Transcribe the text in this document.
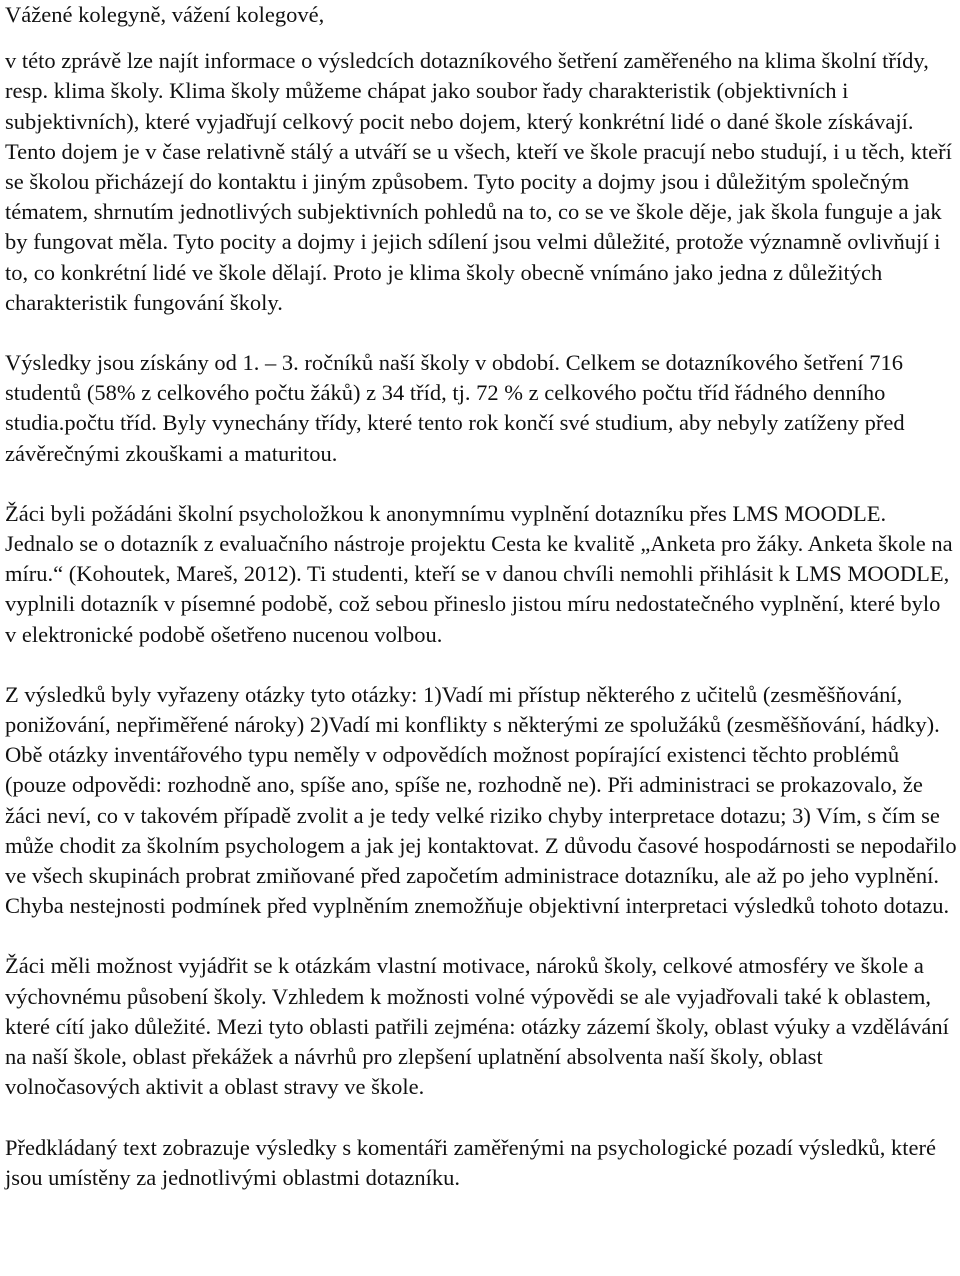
Vážené kolegyně, vážení kolegové,

v této zprávě lze najít informace o výsledcích dotazníkového šetření zaměřeného na klima školní třídy, resp. klima školy. Klima školy můžeme chápat jako soubor řady charakteristik (objektivních i subjektivních), které vyjadřují celkový pocit nebo dojem, který konkrétní lidé o dané škole získávají. Tento dojem je v čase relativně stálý a utváří se u všech, kteří ve škole pracují nebo studují, i u těch, kteří se školou přicházejí do kontaktu i jiným způsobem. Tyto pocity a dojmy jsou i důležitým společným tématem, shrnutím jednotlivých subjektivních pohledů na to, co se ve škole děje, jak škola funguje a jak by fungovat měla. Tyto pocity a dojmy i jejich sdílení jsou velmi důležité, protože významně ovlivňují i to, co konkrétní lidé ve škole dělají. Proto je klima školy obecně vnímáno jako jedna z důležitých charakteristik fungování školy.

Výsledky jsou získány od 1. – 3. ročníků naší školy v období. Celkem se dotazníkového šetření 716 studentů (58% z celkového počtu žáků) z 34 tříd, tj. 72 % z celkového počtu tříd řádného denního studia.počtu tříd. Byly vynechány třídy, které tento rok končí své studium, aby nebyly zatíženy před závěrečnými zkouškami a maturitou.

Žáci byli požádáni školní psycholožkou k anonymnímu vyplnění dotazníku přes LMS MOODLE. Jednalo se o dotazník z evaluačního nástroje projektu Cesta ke kvalitě „Anketa pro žáky. Anketa škole na míru.“ (Kohoutek, Mareš, 2012). Ti studenti, kteří se v danou chvíli nemohli přihlásit k LMS MOODLE, vyplnili dotazník v písemné podobě, což sebou přineslo jistou míru nedostatečného vyplnění, které bylo v elektronické podobě ošetřeno nucenou volbou.

Z výsledků byly vyřazeny otázky tyto otázky: 1)Vadí mi přístup některého z učitelů (zesměšňování, ponižování, nepřiměřené nároky) 2)Vadí mi konflikty s některými ze spolužáků (zesměšňování, hádky). Obě otázky inventářového typu neměly v odpovědích možnost popírající existenci těchto problémů (pouze odpovědi: rozhodně ano, spíše ano, spíše ne, rozhodně ne). Při administraci se prokazovalo, že žáci neví, co v takovém případě zvolit a je tedy velké riziko chyby interpretace dotazu; 3) Vím, s čím se může chodit za školním psychologem a jak jej kontaktovat. Z důvodu časové hospodárnosti se nepodařilo ve všech skupinách probrat zmiňované před započetím administrace dotazníku, ale až po jeho vyplnění. Chyba nestejnosti podmínek před vyplněním znemožňuje objektivní interpretaci výsledků tohoto dotazu.

Žáci měli možnost vyjádřit se k otázkám vlastní motivace, nároků školy, celkové atmosféry ve škole a výchovnému působení školy. Vzhledem k možnosti volné výpovědi se ale vyjadřovali také k oblastem, které cítí jako důležité. Mezi tyto oblasti patřili zejména: otázky zázemí školy, oblast výuky a vzdělávání na naší škole, oblast překážek a návrhů pro zlepšení uplatnění absolventa naší školy, oblast volnočasových aktivit a oblast stravy ve škole.

Předkládaný text zobrazuje výsledky s komentáři zaměřenými na psychologické pozadí výsledků, které jsou umístěny za jednotlivými oblastmi dotazníku.
